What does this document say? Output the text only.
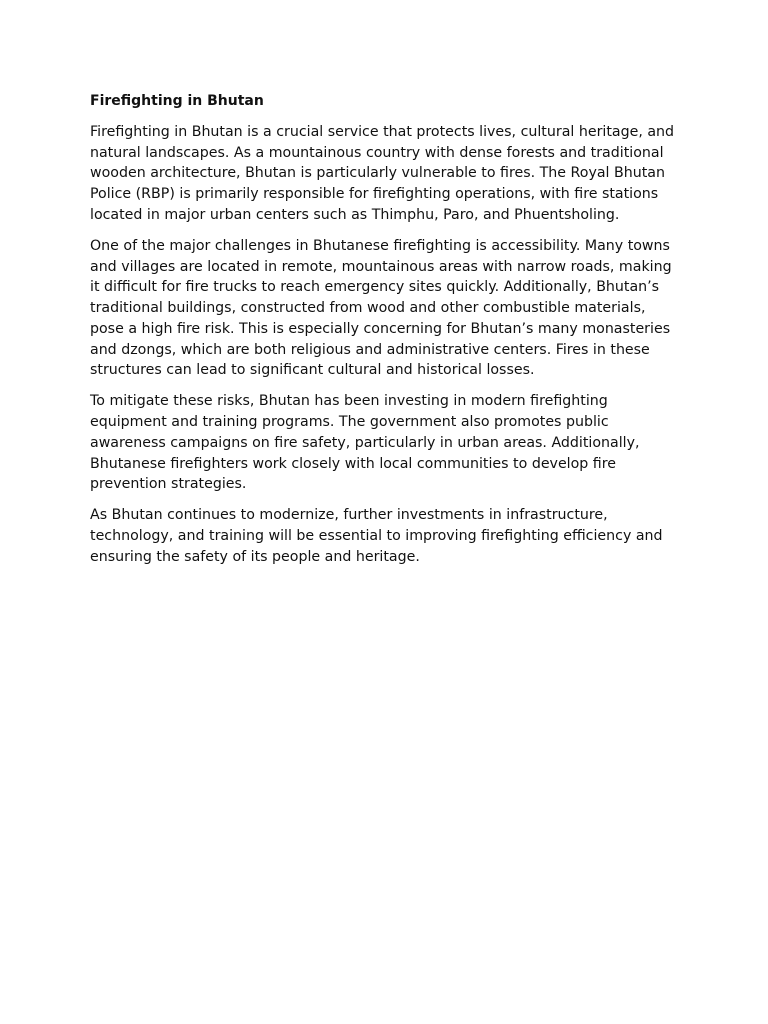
Firefighting in Bhutan

Firefighting in Bhutan is a crucial service that protects lives, cultural heritage, and natural landscapes. As a mountainous country with dense forests and traditional wooden architecture, Bhutan is particularly vulnerable to fires. The Royal Bhutan Police (RBP) is primarily responsible for firefighting operations, with fire stations located in major urban centers such as Thimphu, Paro, and Phuentsholing.

One of the major challenges in Bhutanese firefighting is accessibility. Many towns and villages are located in remote, mountainous areas with narrow roads, making it difficult for fire trucks to reach emergency sites quickly. Additionally, Bhutan’s traditional buildings, constructed from wood and other combustible materials, pose a high fire risk. This is especially concerning for Bhutan’s many monasteries and dzongs, which are both religious and administrative centers. Fires in these structures can lead to significant cultural and historical losses.

To mitigate these risks, Bhutan has been investing in modern firefighting equipment and training programs. The government also promotes public awareness campaigns on fire safety, particularly in urban areas. Additionally, Bhutanese firefighters work closely with local communities to develop fire prevention strategies.

As Bhutan continues to modernize, further investments in infrastructure, technology, and training will be essential to improving firefighting efficiency and ensuring the safety of its people and heritage.
